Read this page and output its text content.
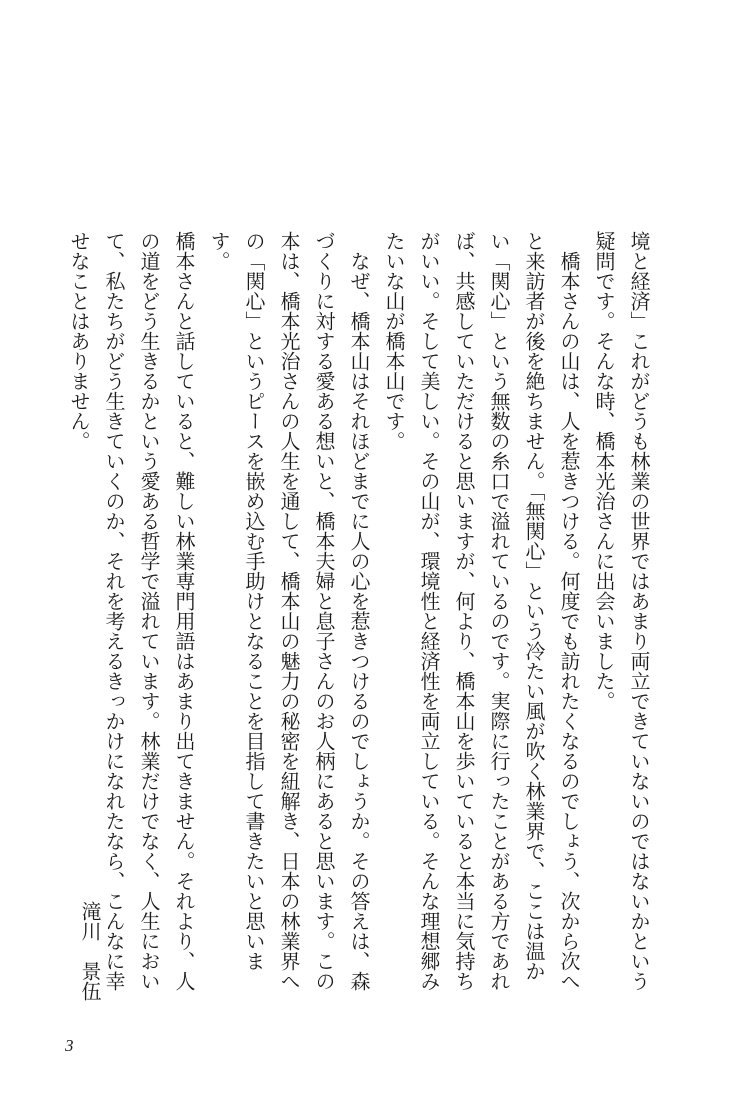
境と経済」これがどうも林業の世界ではあまり両立できていないのではないかという疑問です。そんな時、橋本光治さんに出会いました。

橋本さんの山は、人を惹きつける。何度でも訪れたくなるのでしょう、次から次へと来訪者が後を絶ちません。「無関心」という冷たい風が吹く林業界で、ここは温かい「関心」という無数の糸口で溢れているのです。実際に行ったことがある方であれば、共感していただけると思いますが、何より、橋本山を歩いていると本当に気持ちがいい。そして美しい。その山が、環境性と経済性を両立している。そんな理想郷みたいな山が橋本山です。

なぜ、橋本山はそれほどまでに人の心を惹きつけるのでしょうか。その答えは、森づくりに対する愛ある想いと、橋本夫婦と息子さんのお人柄にあると思います。この本は、橋本光治さんの人生を通して、橋本山の魅力の秘密を紐解き、日本の林業界への「関心」というピースを嵌め込む手助けとなることを目指して書きたいと思います。

橋本さんと話していると、難しい林業専門用語はあまり出てきません。それより、人の道をどう生きるかという愛ある哲学で溢れています。林業だけでなく、人生において、私たちがどう生きていくのか、それを考えるきっかけになれたなら、こんなに幸せなことはありません。

滝川　景伍
3
